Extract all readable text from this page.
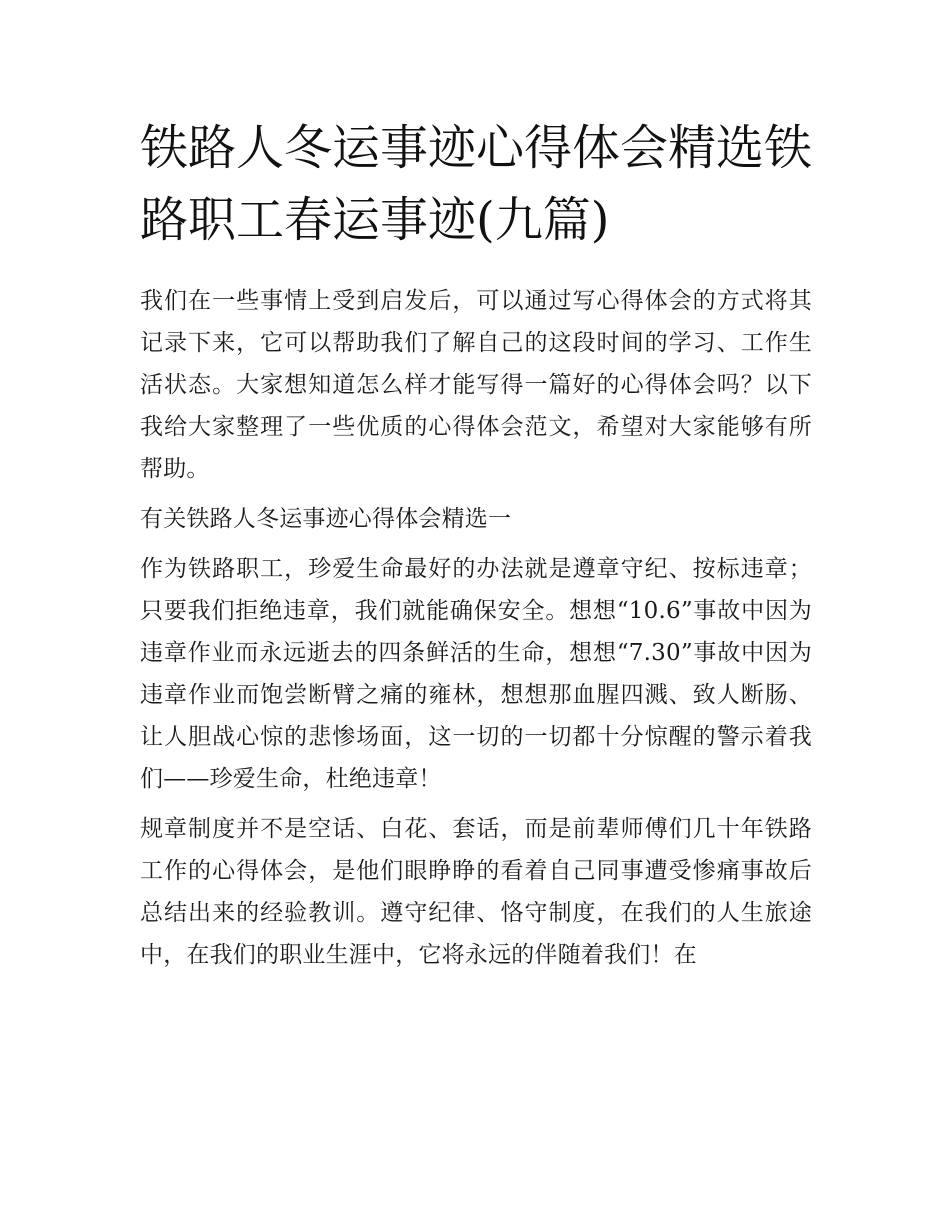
铁路人冬运事迹心得体会精选铁路职工春运事迹(九篇)

我们在一些事情上受到启发后，可以通过写心得体会的方式将其记录下来，它可以帮助我们了解自己的这段时间的学习、工作生活状态。大家想知道怎么样才能写得一篇好的心得体会吗？以下我给大家整理了一些优质的心得体会范文，希望对大家能够有所帮助。

有关铁路人冬运事迹心得体会精选一

作为铁路职工，珍爱生命最好的办法就是遵章守纪、按标违章；只要我们拒绝违章，我们就能确保安全。想想“10.6”事故中因为违章作业而永远逝去的四条鲜活的生命，想想“7.30”事故中因为违章作业而饱尝断臂之痛的雍林，想想那血腥四溅、致人断肠、让人胆战心惊的悲惨场面，这一切的一切都十分惊醒的警示着我们——珍爱生命，杜绝违章！

规章制度并不是空话、白花、套话，而是前辈师傅们几十年铁路工作的心得体会，是他们眼睁睁的看着自己同事遭受惨痛事故后总结出来的经验教训。遵守纪律、恪守制度，在我们的人生旅途中，在我们的职业生涯中，它将永远的伴随着我们！在
